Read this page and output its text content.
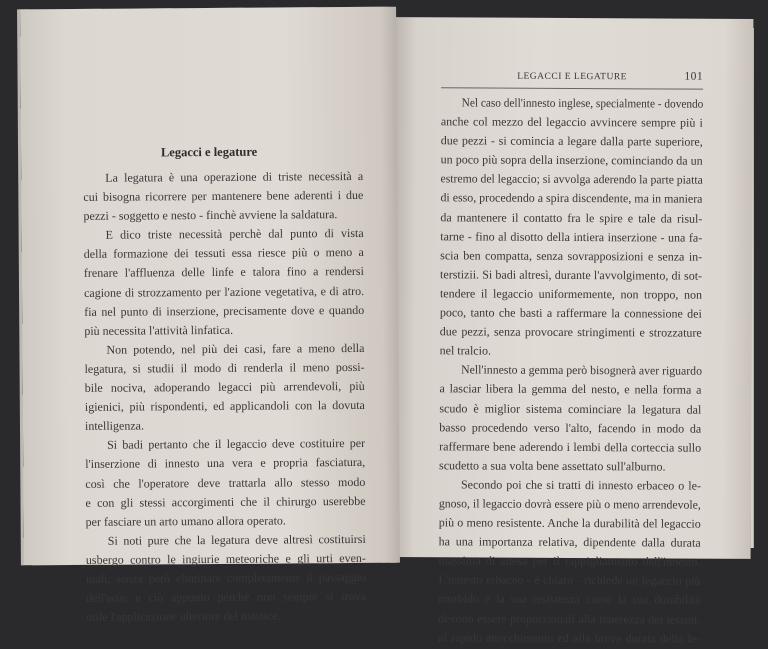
Legacci e legature
La legatura è una operazione di triste necessità a
cui bisogna ricorrere per mantenere bene aderenti i due
pezzi - soggetto e nesto - finchè avviene la saldatura.
E dico triste necessità perchè dal punto di vista
della formazione dei tessuti essa riesce più o meno a
frenare l'affluenza delle linfe e talora fino a rendersi
cagione di strozzamento per l'azione vegetativa, e di atro.
fia nel punto di inserzione, precisamente dove e quando
più necessita l'attività linfatica.
Non potendo, nel più dei casi, fare a meno della
legatura, si studii il modo di renderla il meno possi-
bile nociva, adoperando legacci più arrendevoli, più
igienici, più rispondenti, ed applicandoli con la dovuta
intelligenza.
Si badi pertanto che il legaccio deve costituire per
l'inserzione di innesto una vera e propria fasciatura,
così che l'operatore deve trattarla allo stesso modo
e con gli stessi accorgimenti che il chirurgo userebbe
per fasciare un arto umano allora operato.
Si noti pure che la legatura deve altresì costituirsi
usbergo contro le ingiurie meteoriche e gli urti even-
tuali, senza però eliminare completamente il passaggio
dell'aria; e ciò appunto perchè non sempre si trova
utile l'applicazione ulteriore del mastice.
LEGACCI E LEGATURE	101
Nel caso dell'innesto inglese, specialmente - dovendo
anche col mezzo del legaccio avvincere sempre più i
due pezzi - si comincia a legare dalla parte superiore,
un poco più sopra della inserzione, cominciando da un
estremo del legaccio; si avvolga aderendo la parte piatta
di esso, procedendo a spira discendente, ma in maniera
da mantenere il contatto fra le spire e tale da risul-
tarne - fino al disotto della intiera inserzione - una fa-
scia ben compatta, senza sovrapposizioni e senza in-
terstizii. Si badi altresì, durante l'avvolgimento, di sot-
tendere il legaccio uniformemente, non troppo, non
poco, tanto che basti a raffermare la connessione dei
due pezzi, senza provocare stringimenti e strozzature
nel tralcio.
Nell'innesto a gemma però bisognerà aver riguardo
a lasciar libera la gemma del nesto, e nella forma a
scudo è miglior sistema cominciare la legatura dal
basso procedendo verso l'alto, facendo in modo da
raffermare bene aderendo i lembi della corteccia sullo
scudetto a sua volta bene assettato sull'alburno.
Secondo poi che si tratti di innesto erbaceo o le-
gnoso, il legaccio dovrà essere più o meno arrendevole,
più o meno resistente. Anche la durabilità del legaccio
ha una importanza relativa, dipendente dalla durata
massima di attesa per il rappigliamento dell'innesto.
L'innesto erbaceo - è chiaro - richiede un legaccio più
morbido e la sua resistenza come la sua durabilità
devono essere proporzionali alla tenerezza dei tessuti,
al rapido attecchimento ed alla breve durata della le-
